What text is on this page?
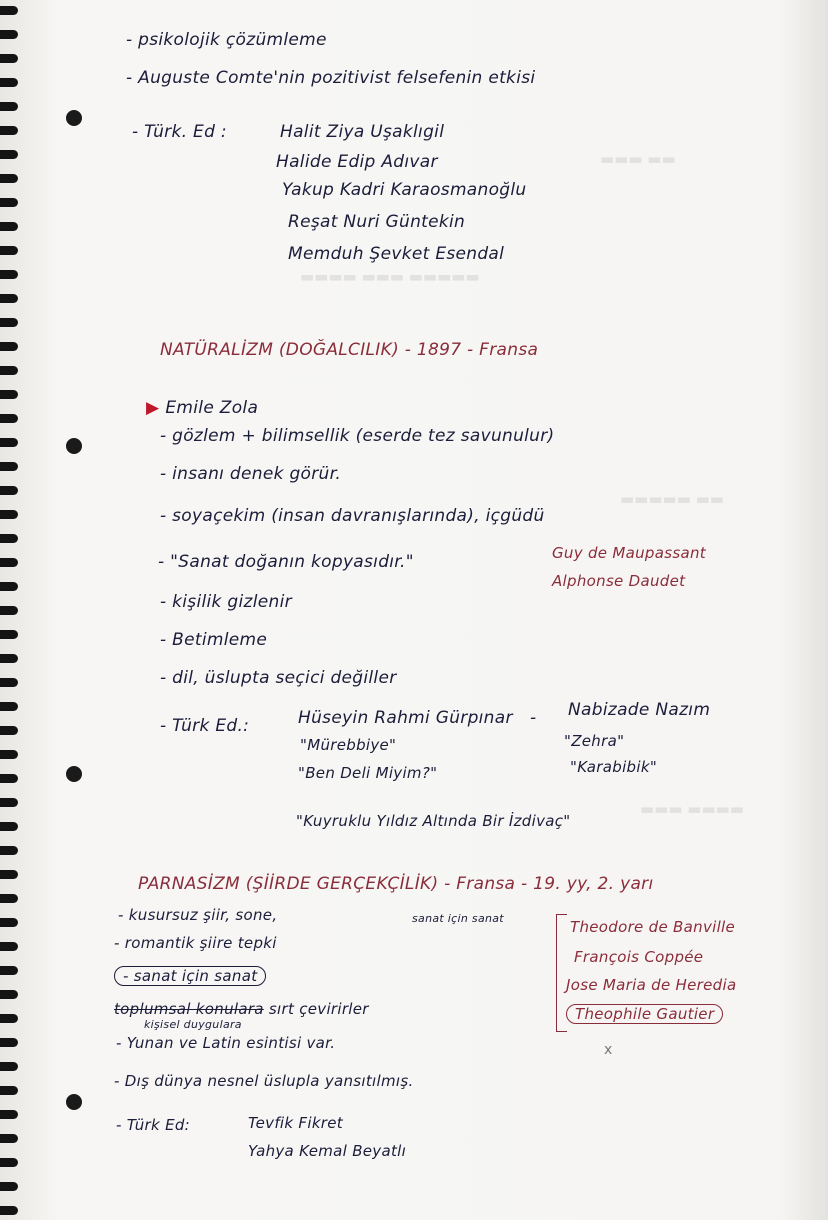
▬▬▬ ▬▬
▬▬▬▬ ▬▬▬ ▬▬▬▬▬
▬▬▬▬▬ ▬▬
▬▬▬ ▬▬▬▬
- psikolojik çözümleme
- Auguste Comte'nin pozitivist felsefenin etkisi
- Türk. Ed :	Halit Ziya Uşaklıgil
Halide Edip Adıvar
Yakup Kadri Karaosmanoğlu
Reşat Nuri Güntekin
Memduh Şevket Esendal
NATÜRALİZM (DOĞALCILIK) - 1897 - Fransa
▶ Emile Zola
- gözlem + bilimsellik (eserde tez savunulur)
- insanı denek görür.
- soyaçekim (insan davranışlarında), içgüdü
- "Sanat doğanın kopyasıdır."	Guy de Maupassant
Alphonse Daudet
- kişilik gizlenir
- Betimleme
- dil, üslupta seçici değiller
- Türk Ed.:	Hüseyin Rahmi Gürpınar - Nabizade Nazım
"Mürebbiye"	"Zehra"
"Ben Deli Miyim?"	"Karabibik"
"Kuyruklu Yıldız Altında Bir İzdivaç"
PARNASİZM (ŞİİRDE GERÇEKÇİLİK) - Fransa - 19. yy, 2. yarı
sanat için sanat
- kusursuz şiir, sone,
- romantik şiire tepki
- sanat için sanat
toplumsal konulara sırt çevirirler
kişisel duygulara
- Yunan ve Latin esintisi var.
- Dış dünya nesnel üslupla yansıtılmış.
- Türk Ed:	Tevfik Fikret
Yahya Kemal Beyatlı
Theodore de Banville
François Coppée
Jose Maria de Heredia
Theophile Gautier
x
